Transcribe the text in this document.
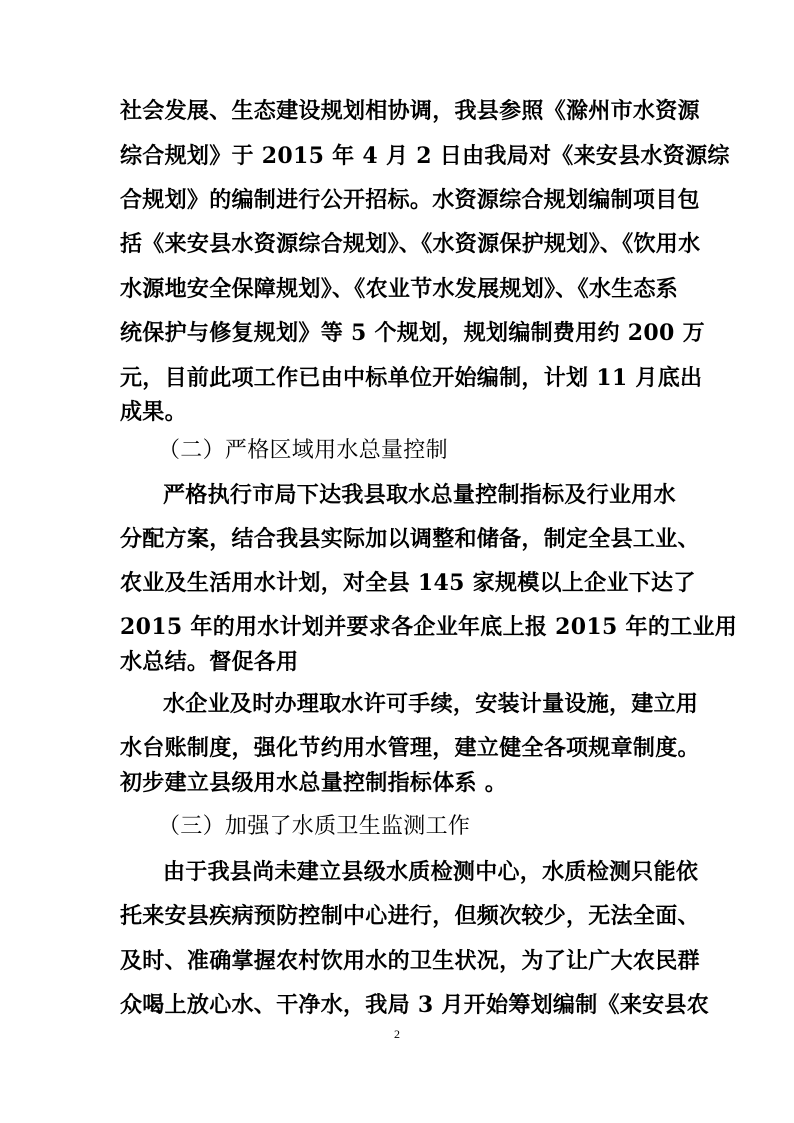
社会发展、生态建设规划相协调，我县参照《滁州市水资源
综合规划》于 2015 年 4 月 2 日由我局对《来安县水资源综
合规划》的编制进行公开招标。水资源综合规划编制项目包
括《来安县水资源综合规划》、《水资源保护规划》、《饮用水
水源地安全保障规划》、《农业节水发展规划》、《水生态系
统保护与修复规划》等 5 个规划，规划编制费用约 200 万
元，目前此项工作已由中标单位开始编制，计划 11 月底出
成果。
（二）严格区域用水总量控制
严格执行市局下达我县取水总量控制指标及行业用水
分配方案，结合我县实际加以调整和储备，制定全县工业、
农业及生活用水计划，对全县 145 家规模以上企业下达了
2015 年的用水计划并要求各企业年底上报 2015 年的工业用
水总结。督促各用
水企业及时办理取水许可手续，安装计量设施，建立用
水台账制度，强化节约用水管理，建立健全各项规章制度。
初步建立县级用水总量控制指标体系 。
（三）加强了水质卫生监测工作
由于我县尚未建立县级水质检测中心，水质检测只能依
托来安县疾病预防控制中心进行，但频次较少，无法全面、
及时、准确掌握农村饮用水的卫生状况，为了让广大农民群
众喝上放心水、干净水，我局 3 月开始筹划编制《来安县农
2
